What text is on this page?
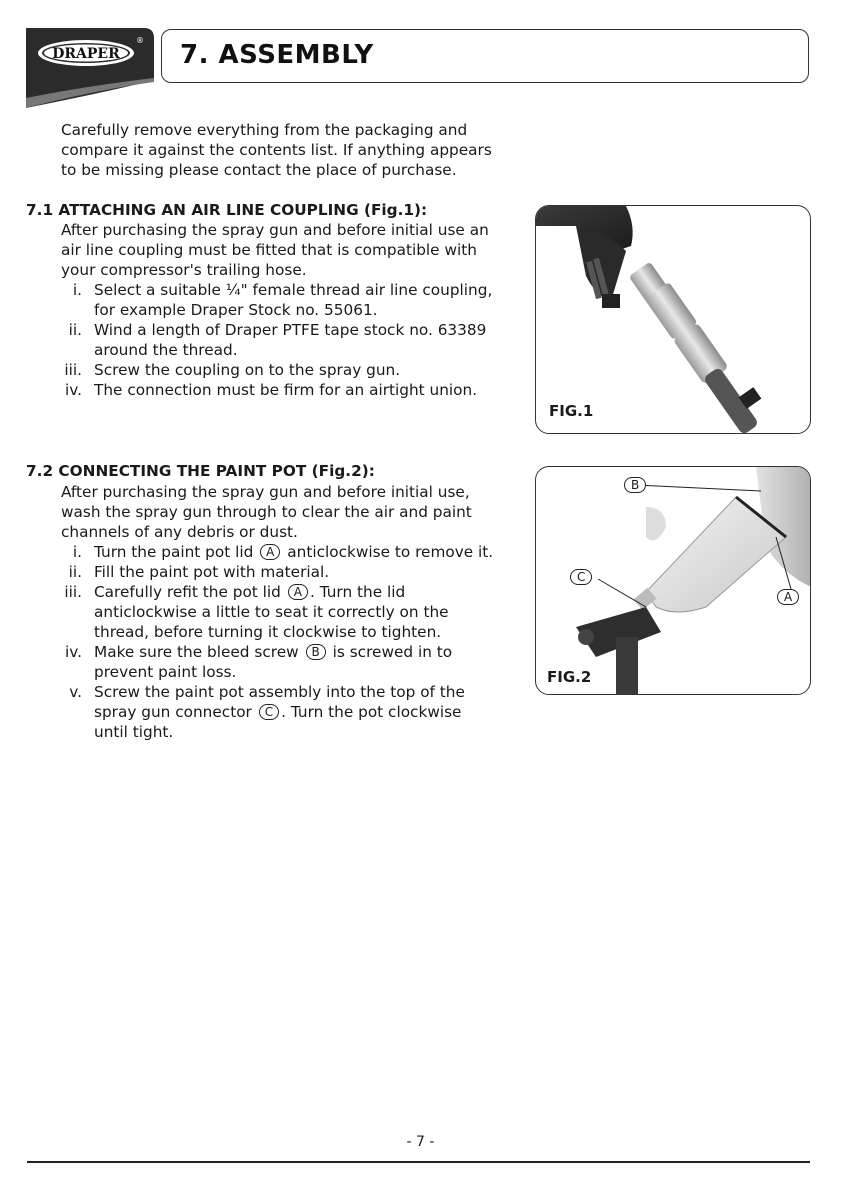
DRAPER
® 7. ASSEMBLY
Carefully remove everything from the packaging and
compare it against the contents list. If anything appears
to be missing please contact the place of purchase.
7.1 ATTACHING AN AIR LINE COUPLING (Fig.1):
After purchasing the spray gun and before initial use an
air line coupling must be fitted that is compatible with
your compressor's trailing hose.
i. Select a suitable ¼" female thread air line coupling,
for example Draper Stock no. 55061.
ii. Wind a length of Draper PTFE tape stock no. 63389
around the thread.
iii. Screw the coupling on to the spray gun.
iv. The connection must be firm for an airtight union.
FIG.1
7.2 CONNECTING THE PAINT POT (Fig.2):
After purchasing the spray gun and before initial use,
wash the spray gun through to clear the air and paint
channels of any debris or dust.
i. Turn the paint pot lid A anticlockwise to remove it.
ii. Fill the paint pot with material.
iii. Carefully refit the pot lid A . Turn the lid
anticlockwise a little to seat it correctly on the
thread, before turning it clockwise to tighten.
iv. Make sure the bleed screw B is screwed in to
prevent paint loss.
v. Screw the paint pot assembly into the top of the
spray gun connector C . Turn the pot clockwise
until tight.
B
C
A
FIG.2
- 7 -
